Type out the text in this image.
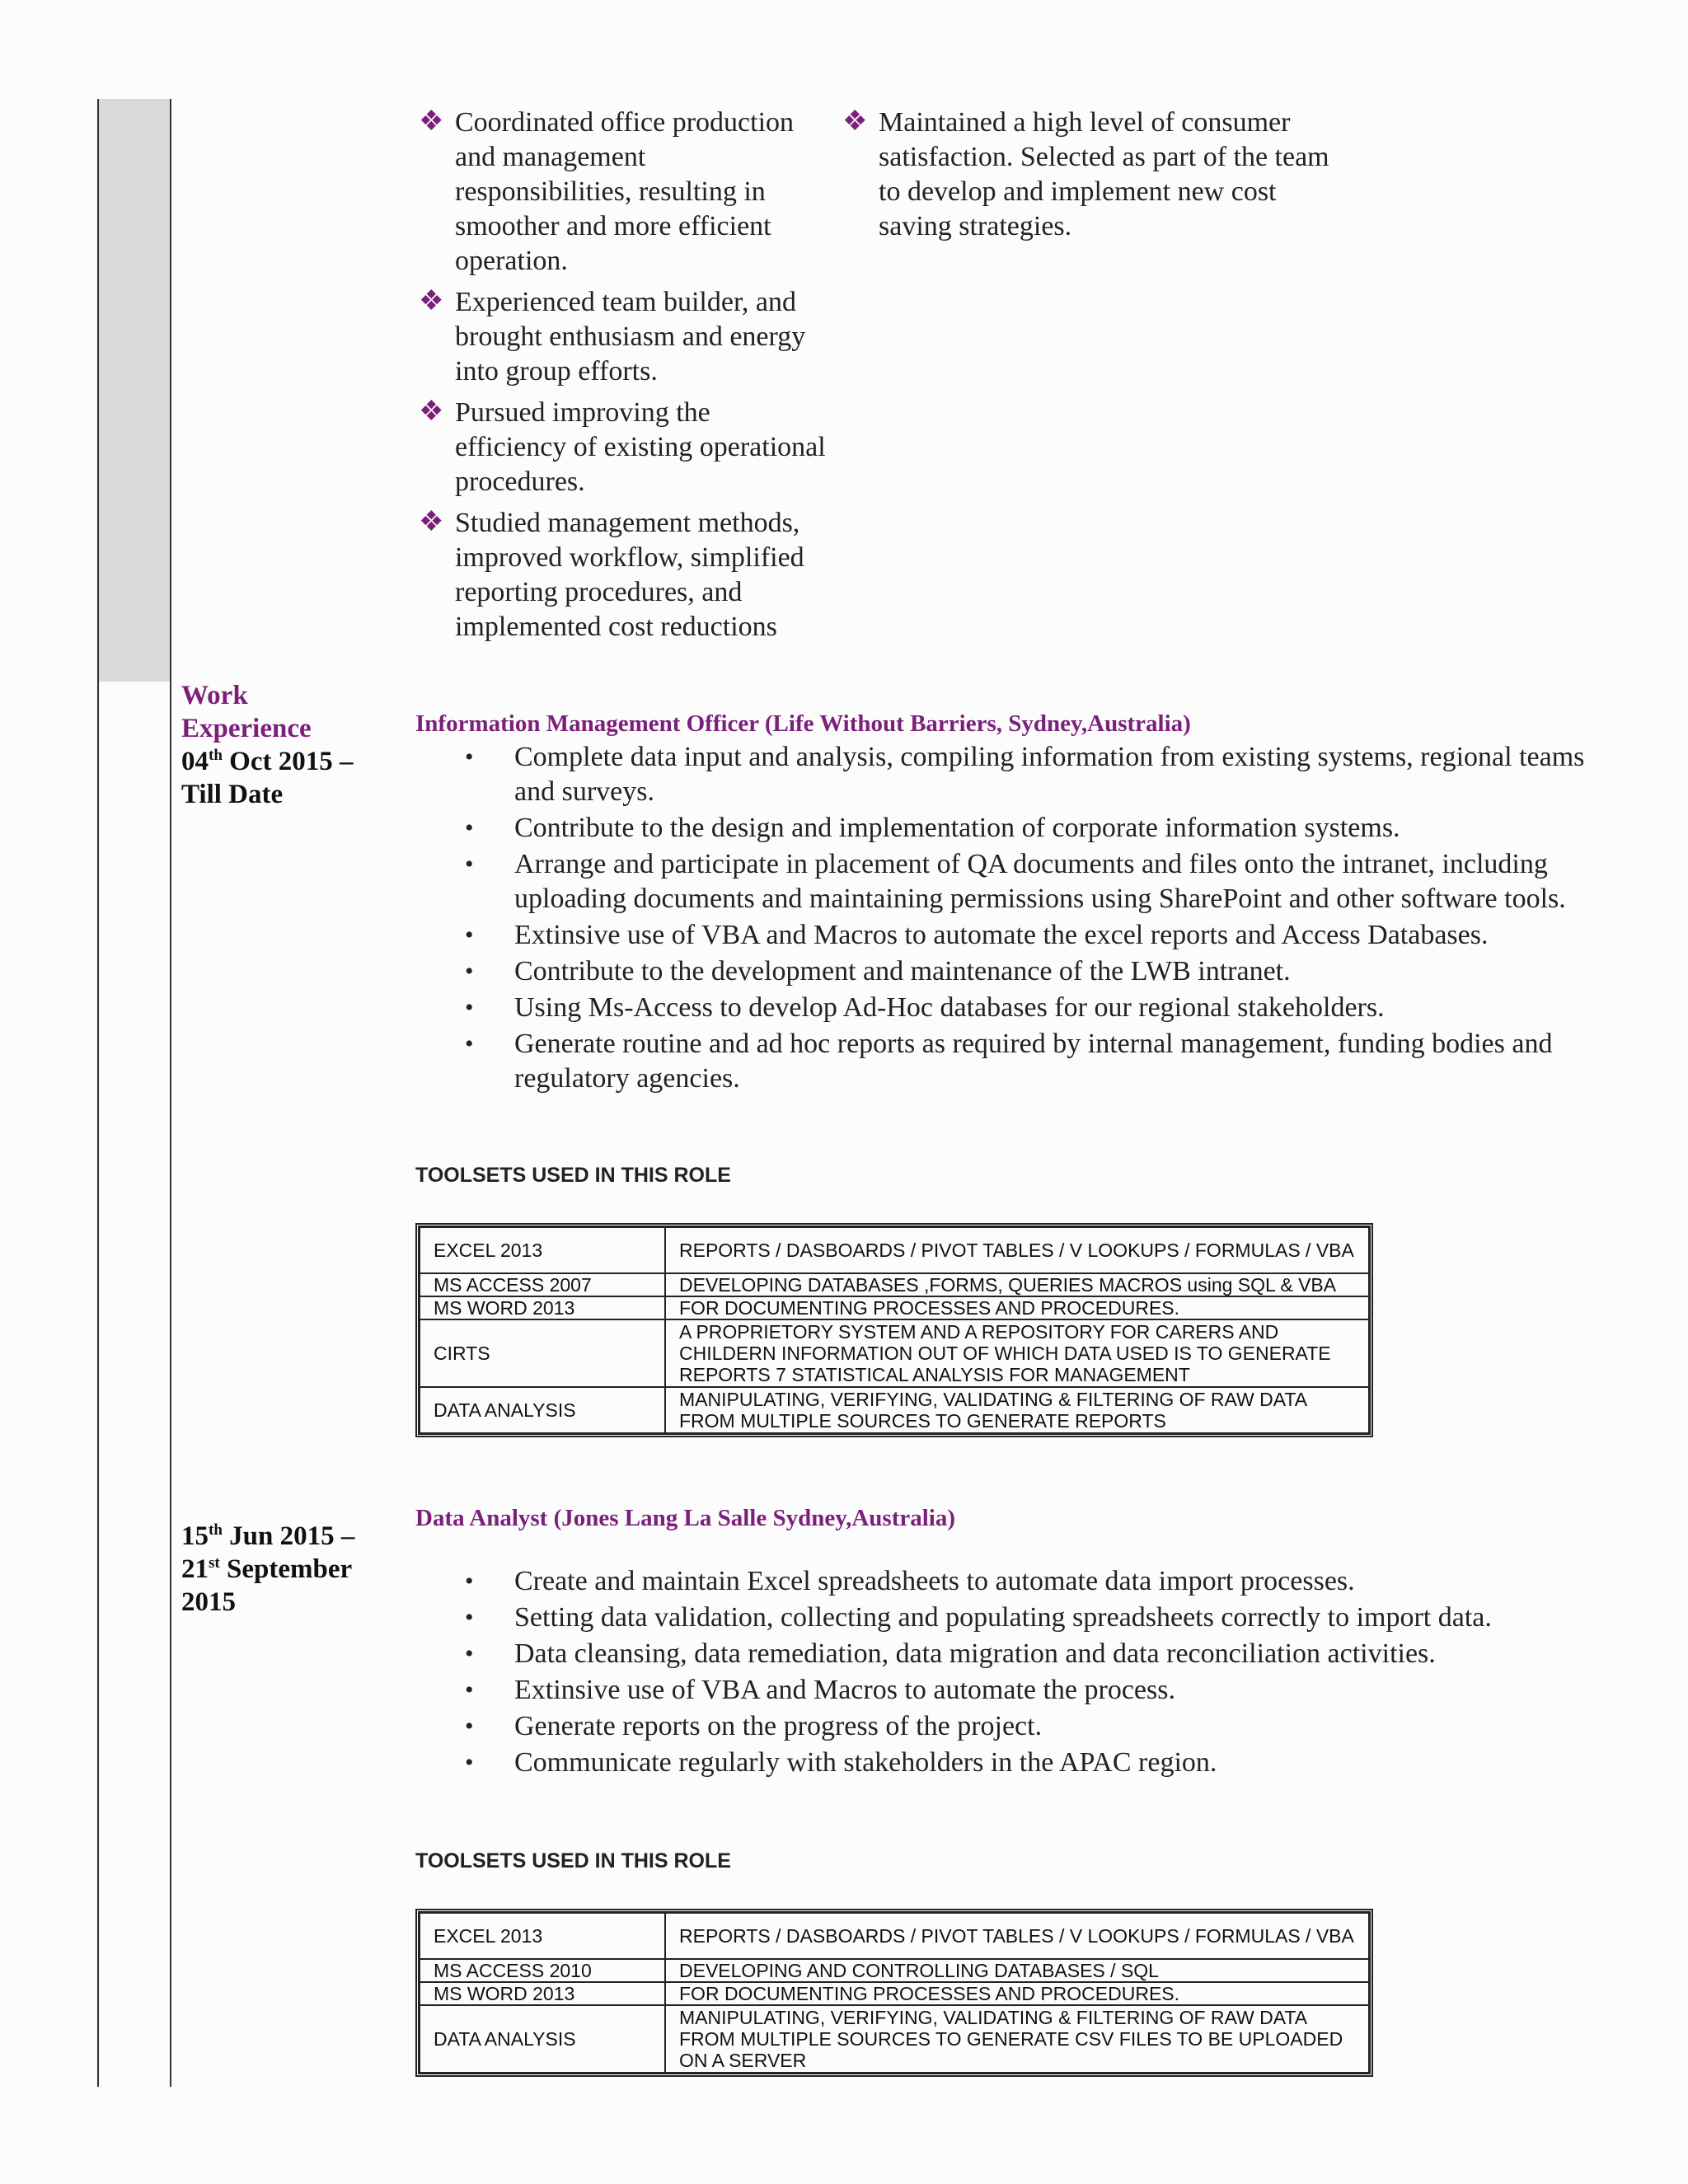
❖ Coordinated office production and management responsibilities, resulting in smoother and more efficient operation.
❖ Experienced team builder, and brought enthusiasm and energy into group efforts.
❖ Pursued improving the efficiency of existing operational procedures.
❖ Studied management methods, improved workflow, simplified reporting procedures, and implemented cost reductions
❖ Maintained a high level of consumer satisfaction. Selected as part of the team to develop and implement new cost saving strategies.
Work Experience
04th Oct 2015 –
Till Date
Information Management Officer (Life Without Barriers, Sydney,Australia)
• Complete data input and analysis, compiling information from existing systems, regional teams and surveys.
• Contribute to the design and implementation of corporate information systems.
• Arrange and participate in placement of QA documents and files onto the intranet, including uploading documents and maintaining permissions using SharePoint and other software tools.
• Extinsive use of VBA and Macros to automate the excel reports and Access Databases.
• Contribute to the development and maintenance of the LWB intranet.
• Using Ms-Access to develop Ad-Hoc databases for our regional stakeholders.
• Generate routine and ad hoc reports as required by internal management, funding bodies and regulatory agencies.
TOOLSETS USED IN THIS ROLE
EXCEL 2013	REPORTS / DASBOARDS / PIVOT TABLES / V LOOKUPS / FORMULAS / VBA
MS ACCESS 2007	DEVELOPING DATABASES ,FORMS, QUERIES MACROS using SQL & VBA
MS WORD 2013	FOR DOCUMENTING PROCESSES AND PROCEDURES.
CIRTS	A PROPRIETORY SYSTEM AND A REPOSITORY FOR CARERS AND CHILDERN INFORMATION OUT OF WHICH DATA USED IS TO GENERATE REPORTS 7 STATISTICAL ANALYSIS FOR MANAGEMENT
DATA ANALYSIS	MANIPULATING, VERIFYING, VALIDATING & FILTERING OF RAW DATA FROM MULTIPLE SOURCES TO GENERATE REPORTS
15th Jun 2015 –
21st September
2015
Data Analyst (Jones Lang La Salle Sydney,Australia)
• Create and maintain Excel spreadsheets to automate data import processes.
• Setting data validation, collecting and populating spreadsheets correctly to import data.
• Data cleansing, data remediation, data migration and data reconciliation activities.
• Extinsive use of VBA and Macros to automate the process.
• Generate reports on the progress of the project.
• Communicate regularly with stakeholders in the APAC region.
TOOLSETS USED IN THIS ROLE
EXCEL 2013	REPORTS / DASBOARDS / PIVOT TABLES / V LOOKUPS / FORMULAS / VBA
MS ACCESS 2010	DEVELOPING AND CONTROLLING DATABASES / SQL
MS WORD 2013	FOR DOCUMENTING PROCESSES AND PROCEDURES.
DATA ANALYSIS	MANIPULATING, VERIFYING, VALIDATING & FILTERING OF RAW DATA FROM MULTIPLE SOURCES TO GENERATE CSV FILES TO BE UPLOADED ON A SERVER
